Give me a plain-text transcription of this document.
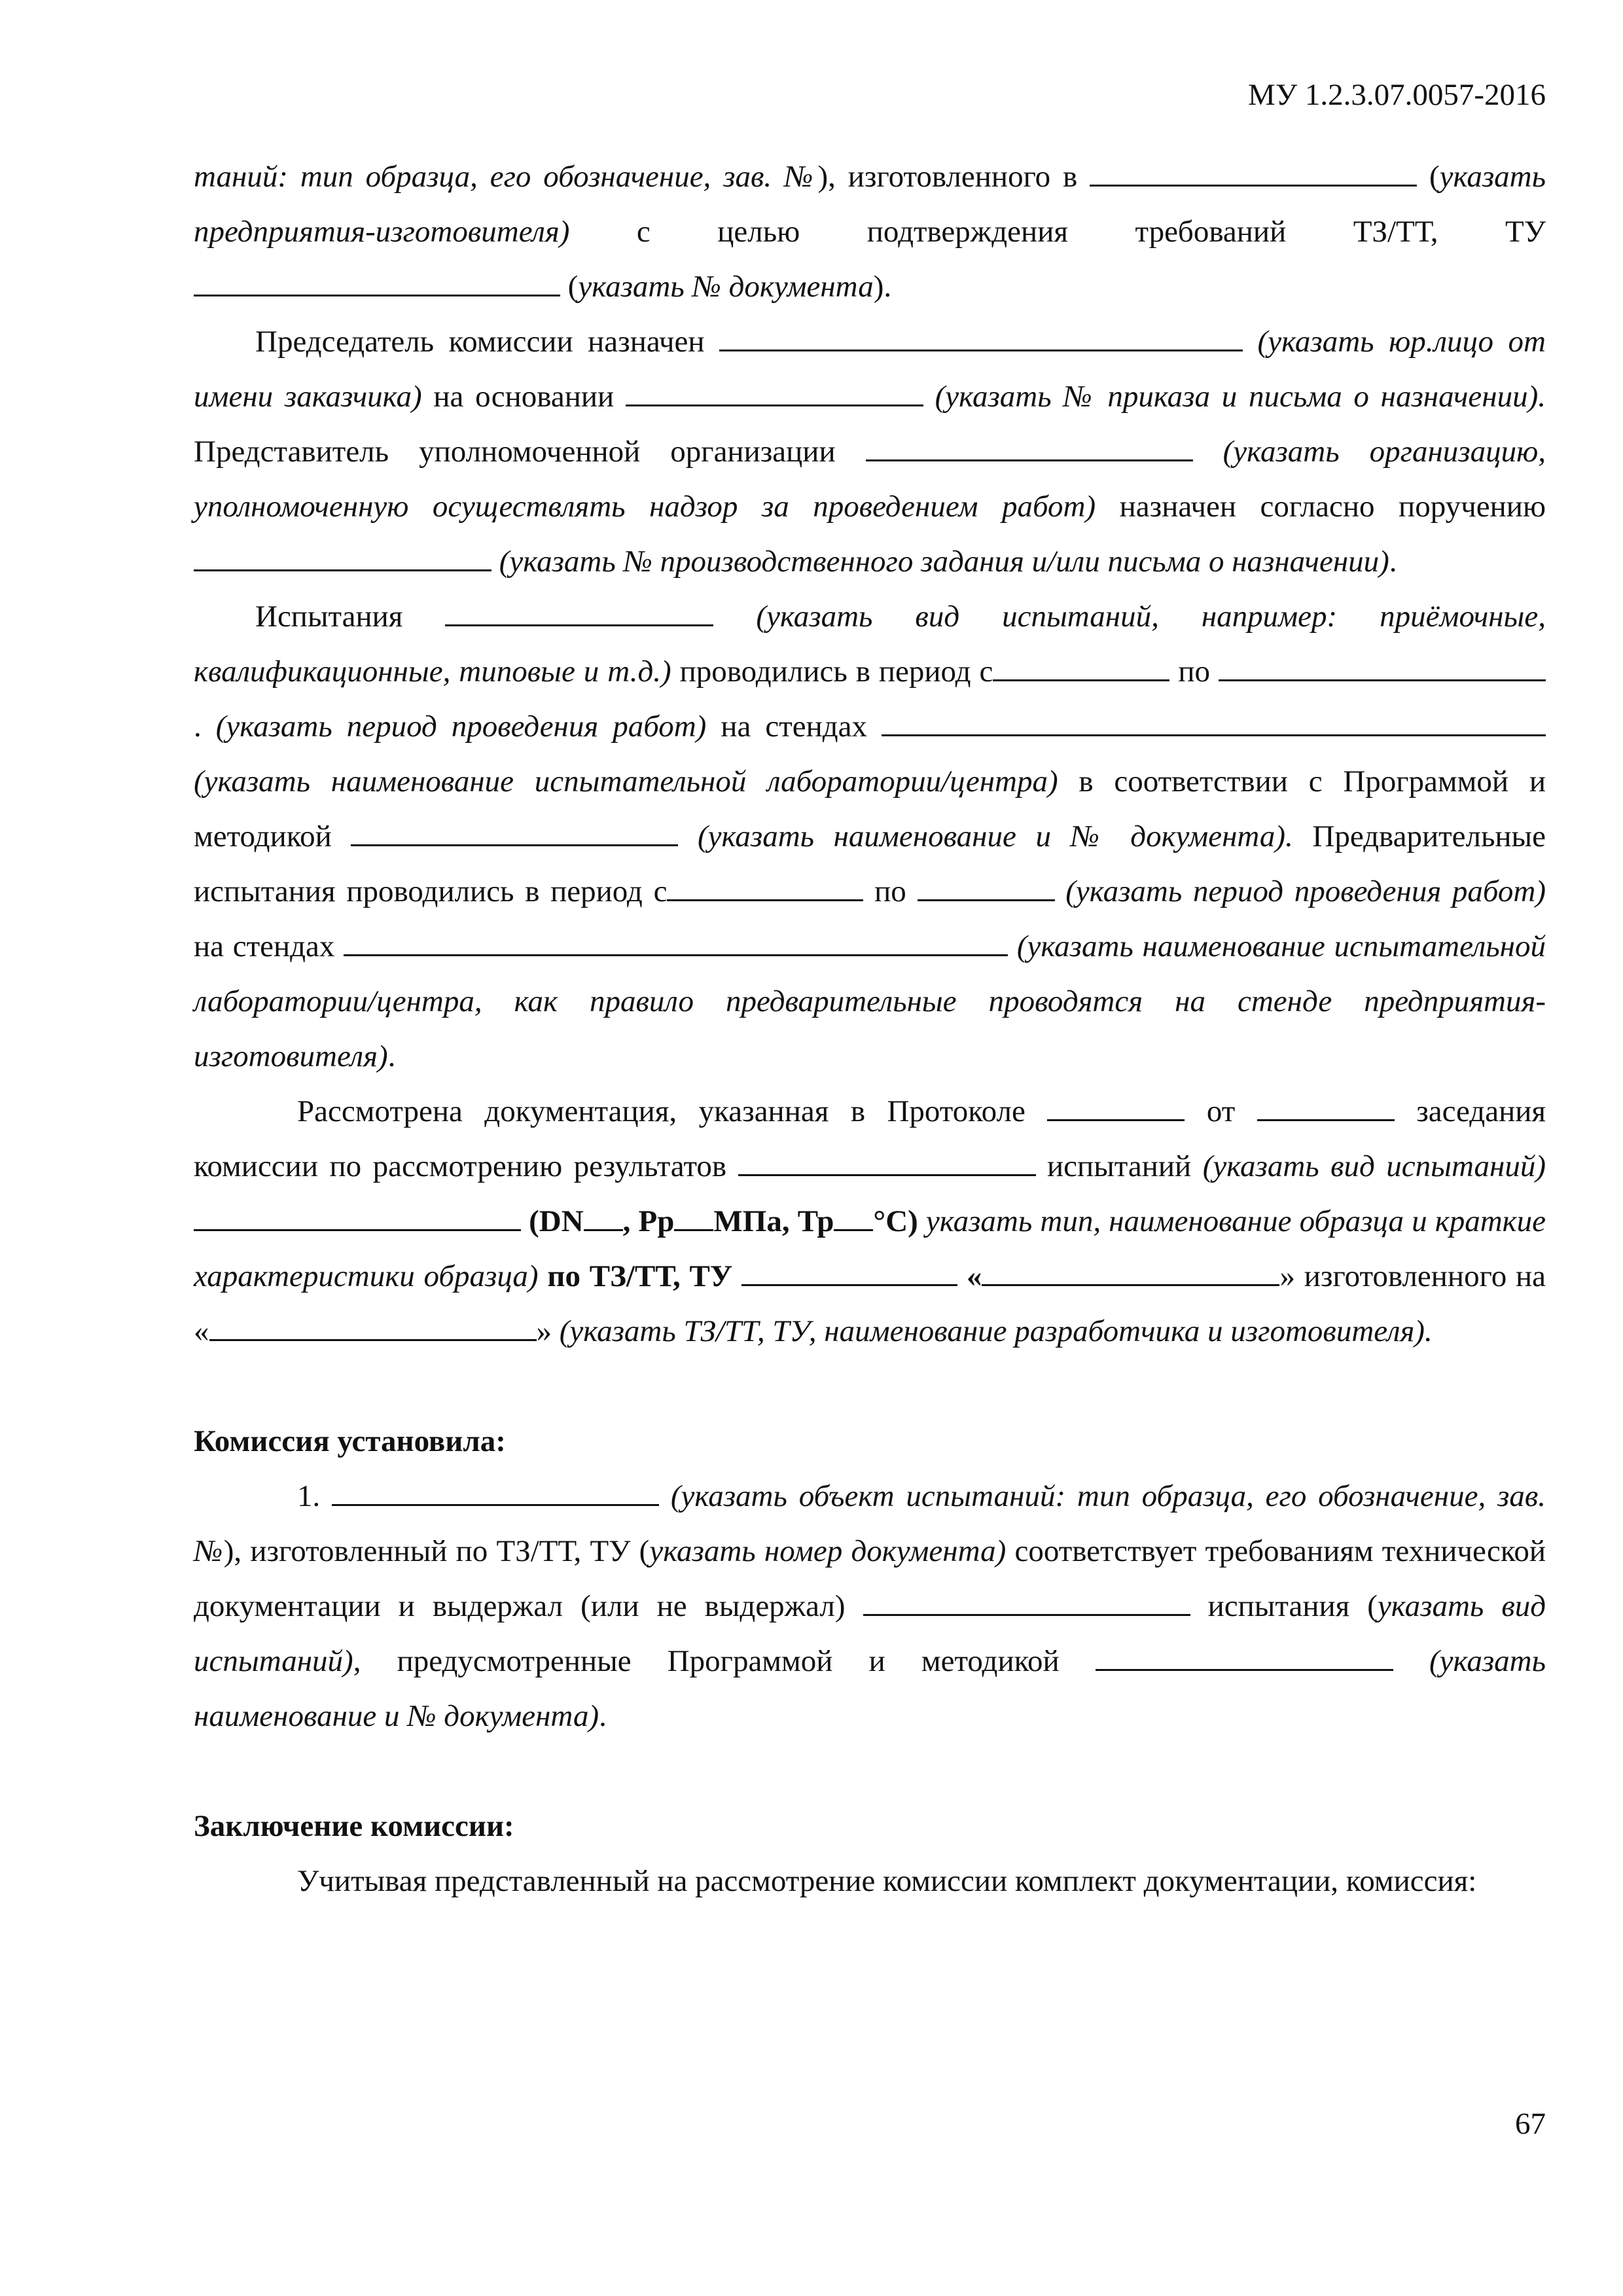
МУ 1.2.3.07.0057-2016

таний: тип образца, его обозначение, зав. №), изготовленного в	(указать предприятия-изготовителя) с целью подтверждения требований ТЗ/ТТ, ТУ (указать № документа).

Председатель комиссии назначен	(указать юр.лицо от имени заказчика) на основании	(указать № приказа и письма о назначении). Представитель уполномоченной организации	(указать организацию, уполномоченную осуществлять надзор за проведением работ) назначен согласно поручению  (указать № производственного задания и/или письма о назначении).

Испытания	(указать вид испытаний, например: приёмочные, квалификационные, типовые и т.д.) проводились в период с	по  . (указать период проведения работ) на стендах  (указать наименование испытательной лаборатории/центра) в соответствии с Программой и методикой	(указать наименование и № документа). Предварительные испытания проводились в период с	по	(указать период проведения работ) на стендах	(указать наименование испытательной лаборатории/центра, как правило предварительные проводятся на стенде предприятия-изготовителя).

Рассмотрена документация, указанная в Протоколе	от	заседания комиссии по рассмотрению результатов	испытаний (указать вид испытаний)  (DN , Рр МПа, Тр °С) указать тип, наименование образца и краткие характеристики образца) по ТЗ/ТТ, ТУ	«	» изготовленного на «	» (указать ТЗ/ТТ, ТУ, наименование разработчика и изготовителя).

Комиссия установила:

1.	(указать объект испытаний: тип образца, его обозначение, зав. №), изготовленный по ТЗ/ТТ, ТУ (указать номер документа) соответствует требованиям технической документации и выдержал (или не выдержал)	испытания (указать вид испытаний), предусмотренные Программой и методикой	(указать наименование и № документа).

Заключение комиссии:

Учитывая представленный на рассмотрение комиссии комплект документации, комиссия:

67
